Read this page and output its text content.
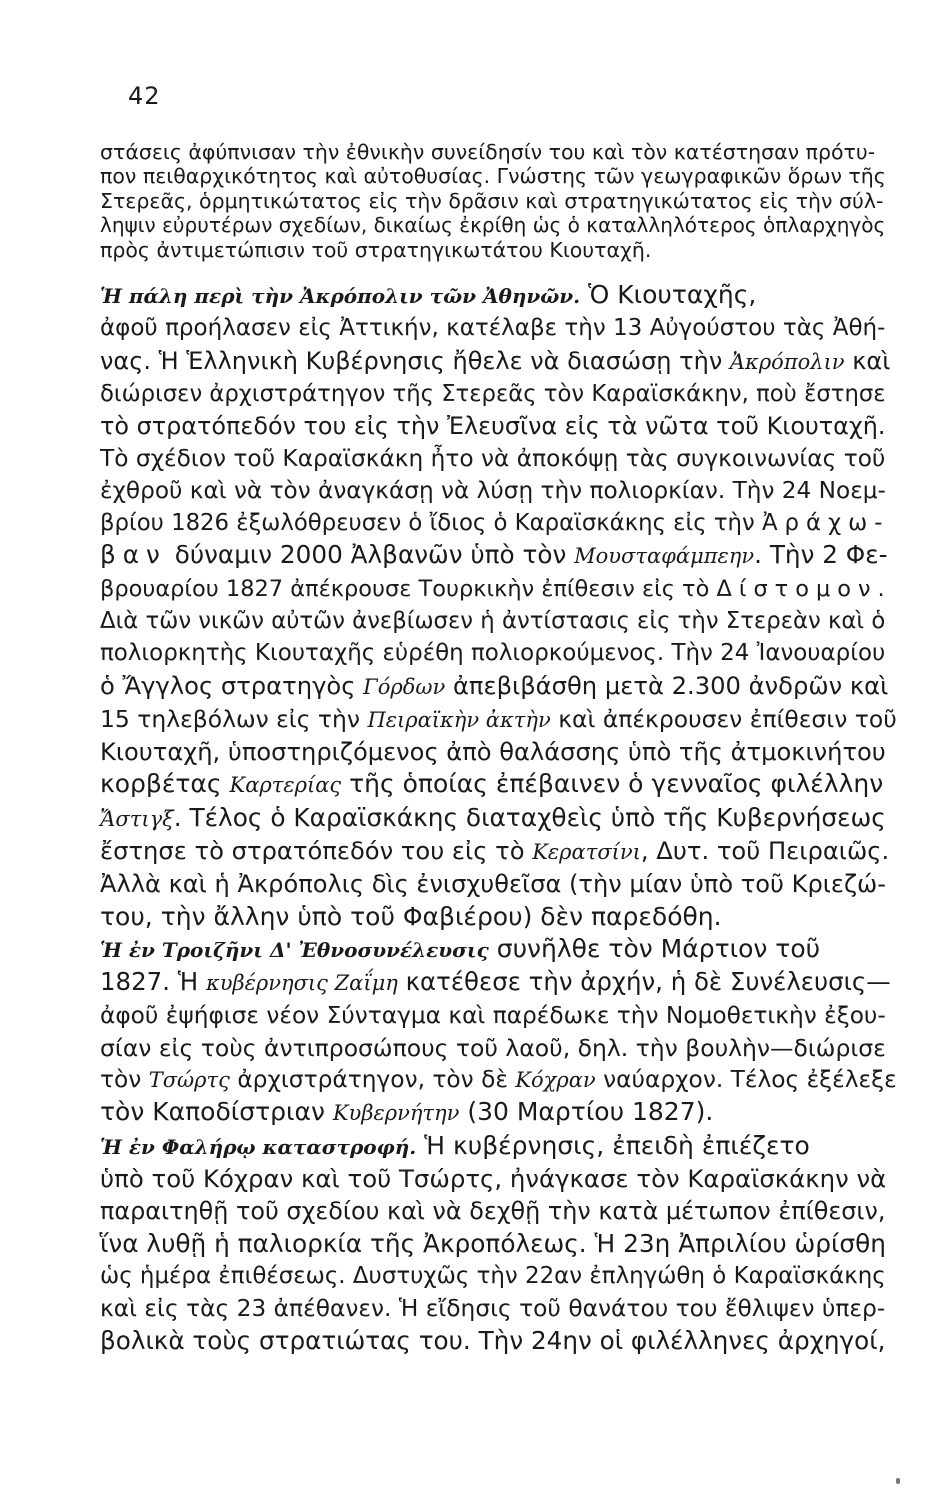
42
στάσεις ἀφύπνισαν τὴν ἐθνικὴν συνείδησίν του καὶ τὸν κατέστησαν πρότυ-
πον πειθαρχικότητος καὶ αὐτοθυσίας. Γνώστης τῶν γεωγραφικῶν ὅρων τῆς
Στερεᾶς, ὁρμητικώτατος εἰς τὴν δρᾶσιν καὶ στρατηγικώτατος εἰς τὴν σύλ-
ληψιν εὐρυτέρων σχεδίων, δικαίως ἐκρίθη ὡς ὁ καταλληλότερος ὁπλαρχηγὸς
πρὸς ἀντιμετώπισιν τοῦ στρατηγικωτάτου Κιουταχῆ.
Ἡ πάλη περὶ τὴν Ἀκρόπολιν τῶν Ἀθηνῶν. Ὁ Κιουταχῆς,
ἀφοῦ προήλασεν εἰς Ἀττικήν, κατέλαβε τὴν 13 Αὐγούστου τὰς Ἀθή-
νας. Ἡ Ἑλληνικὴ Κυβέρνησις ἤθελε νὰ διασώσῃ τὴν Ἀκρόπολιν καὶ
διώρισεν ἀρχιστράτηγον τῆς Στερεᾶς τὸν Καραϊσκάκην, ποὺ ἔστησε
τὸ στρατόπεδόν του εἰς τὴν Ἐλευσῖνα εἰς τὰ νῶτα τοῦ Κιουταχῆ.
Τὸ σχέδιον τοῦ Καραϊσκάκη ἦτο νὰ ἀποκόψῃ τὰς συγκοινωνίας τοῦ
ἐχθροῦ καὶ νὰ τὸν ἀναγκάσῃ νὰ λύσῃ τὴν πολιορκίαν. Τὴν 24 Νοεμ-
βρίου 1826 ἐξωλόθρευσεν ὁ ἴδιος ὁ Καραϊσκάκης εἰς τὴν Ἀράχω-
βαν δύναμιν 2000 Ἀλβανῶν ὑπὸ τὸν Μουσταφάμπεην. Τὴν 2 Φε-
βρουαρίου 1827 ἀπέκρουσε Τουρκικὴν ἐπίθεσιν εἰς τὸ Δίστομον.
Διὰ τῶν νικῶν αὐτῶν ἀνεβίωσεν ἡ ἀντίστασις εἰς τὴν Στερεὰν καὶ ὁ
πολιορκητὴς Κιουταχῆς εὑρέθη πολιορκούμενος. Τὴν 24 Ἰανουαρίου
ὁ Ἄγγλος στρατηγὸς Γόρδων ἀπεβιβάσθη μετὰ 2.300 ἀνδρῶν καὶ
15 τηλεβόλων εἰς τὴν Πειραϊκὴν ἀκτὴν καὶ ἀπέκρουσεν ἐπίθεσιν τοῦ
Κιουταχῆ, ὑποστηριζόμενος ἀπὸ θαλάσσης ὑπὸ τῆς ἀτμοκινήτου
κορβέτας Καρτερίας τῆς ὁποίας ἐπέβαινεν ὁ γενναῖος φιλέλλην
Ἄστιγξ. Τέλος ὁ Καραϊσκάκης διαταχθεὶς ὑπὸ τῆς Κυβερνήσεως
ἔστησε τὸ στρατόπεδόν του εἰς τὸ Κερατσίνι, Δυτ. τοῦ Πειραιῶς.
Ἀλλὰ καὶ ἡ Ἀκρόπολις δὶς ἐνισχυθεῖσα (τὴν μίαν ὑπὸ τοῦ Κριεζώ-
του, τὴν ἄλλην ὑπὸ τοῦ Φαβιέρου) δὲν παρεδόθη.
Ἡ ἐν Τροιζῆνι Δ' Ἐθνοσυνέλευσις συνῆλθε τὸν Μάρτιον τοῦ
1827. Ἡ κυβέρνησις Ζαΐμη κατέθεσε τὴν ἀρχήν, ἡ δὲ Συνέλευσις—
ἀφοῦ ἐψήφισε νέον Σύνταγμα καὶ παρέδωκε τὴν Νομοθετικὴν ἐξου-
σίαν εἰς τοὺς ἀντιπροσώπους τοῦ λαοῦ, δηλ. τὴν βουλὴν—διώρισε
τὸν Τσώρτς ἀρχιστράτηγον, τὸν δὲ Κόχραν ναύαρχον. Τέλος ἐξέλεξε
τὸν Καποδίστριαν Κυβερνήτην (30 Μαρτίου 1827).
Ἡ ἐν Φαλήρῳ καταστροφή. Ἡ κυβέρνησις, ἐπειδὴ ἐπιέζετο
ὑπὸ τοῦ Κόχραν καὶ τοῦ Τσώρτς, ἠνάγκασε τὸν Καραϊσκάκην νὰ
παραιτηθῇ τοῦ σχεδίου καὶ νὰ δεχθῇ τὴν κατὰ μέτωπον ἐπίθεσιν,
ἵνα λυθῇ ἡ παλιορκία τῆς Ἀκροπόλεως. Ἡ 23η Ἀπριλίου ὡρίσθη
ὡς ἡμέρα ἐπιθέσεως. Δυστυχῶς τὴν 22αν ἐπληγώθη ὁ Καραϊσκάκης
καὶ εἰς τὰς 23 ἀπέθανεν. Ἡ εἴδησις τοῦ θανάτου του ἔθλιψεν ὑπερ-
βολικὰ τοὺς στρατιώτας του. Τὴν 24ην οἱ φιλέλληνες ἀρχηγοί,
